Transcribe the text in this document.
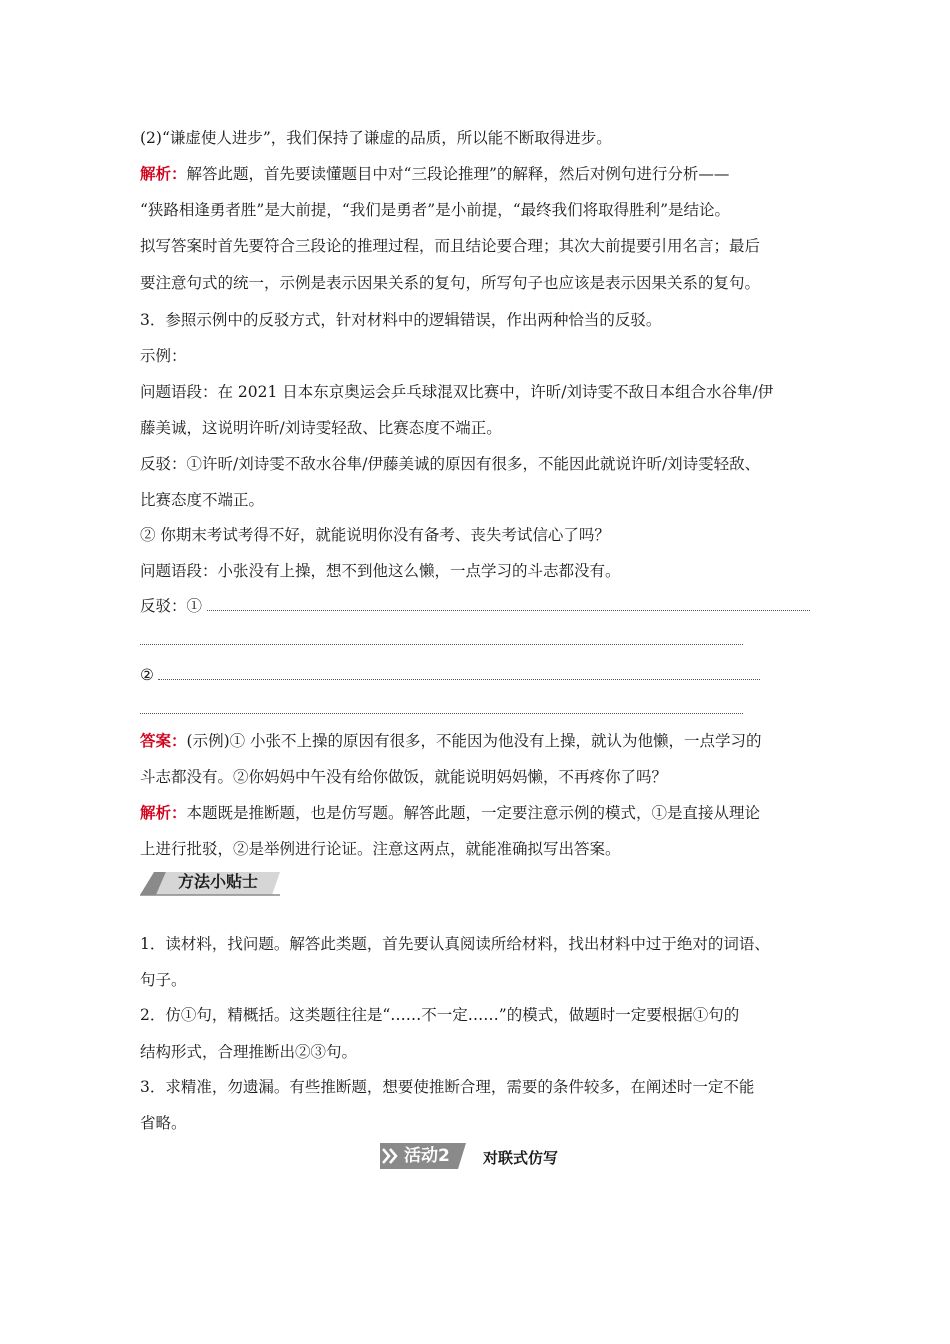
(2)“谦虚使人进步”，我们保持了谦虚的品质，所以能不断取得进步。
解析：解答此题，首先要读懂题目中对“三段论推理”的解释，然后对例句进行分析——
“狭路相逢勇者胜”是大前提，“我们是勇者”是小前提，“最终我们将取得胜利”是结论。
拟写答案时首先要符合三段论的推理过程，而且结论要合理；其次大前提要引用名言；最后
要注意句式的统一，示例是表示因果关系的复句，所写句子也应该是表示因果关系的复句。
3．参照示例中的反驳方式，针对材料中的逻辑错误，作出两种恰当的反驳。
示例：
问题语段：在 2021 日本东京奥运会乒乓球混双比赛中，许昕/刘诗雯不敌日本组合水谷隼/伊
藤美诚，这说明许昕/刘诗雯轻敌、比赛态度不端正。
反驳：①许昕/刘诗雯不敌水谷隼/伊藤美诚的原因有很多，不能因此就说许昕/刘诗雯轻敌、
比赛态度不端正。
② 你期末考试考得不好，就能说明你没有备考、丧失考试信心了吗？
问题语段：小张没有上操，想不到他这么懒，一点学习的斗志都没有。
反驳：①
②
答案：(示例)① 小张不上操的原因有很多，不能因为他没有上操，就认为他懒，一点学习的
斗志都没有。②你妈妈中午没有给你做饭，就能说明妈妈懒，不再疼你了吗？
解析：本题既是推断题，也是仿写题。解答此题，一定要注意示例的模式，①是直接从理论
上进行批驳，②是举例进行论证。注意这两点，就能准确拟写出答案。
方法小贴士
1．读材料，找问题。解答此类题，首先要认真阅读所给材料，找出材料中过于绝对的词语、
句子。
2．仿①句，精概括。这类题往往是“……不一定……”的模式，做题时一定要根据①句的
结构形式，合理推断出②③句。
3．求精准，勿遗漏。有些推断题，想要使推断合理，需要的条件较多，在阐述时一定不能
省略。
活动2	对联式仿写
